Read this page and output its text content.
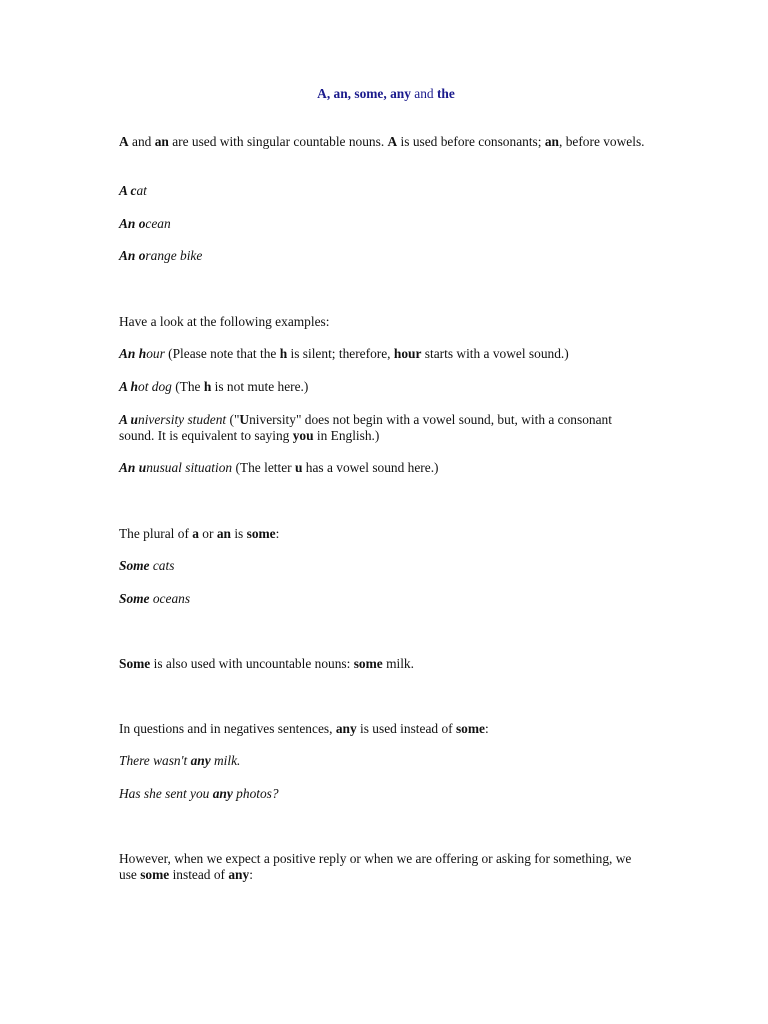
A, an, some, any and the

A and an are used with singular countable nouns. A is used before consonants; an, before vowels.

A cat

An ocean

An orange bike

Have a look at the following examples:

An hour (Please note that the h is silent; therefore, hour starts with a vowel sound.)

A hot dog (The h is not mute here.)

A university student ("University" does not begin with a vowel sound, but, with a consonant sound. It is equivalent to saying you in English.)

An unusual situation (The letter u has a vowel sound here.)

The plural of a or an is some:

Some cats

Some oceans

Some is also used with uncountable nouns: some milk.

In questions and in negatives sentences, any is used instead of some:

There wasn't any milk.

Has she sent you any photos?

However, when we expect a positive reply or when we are offering or asking for something, we use some instead of any:
